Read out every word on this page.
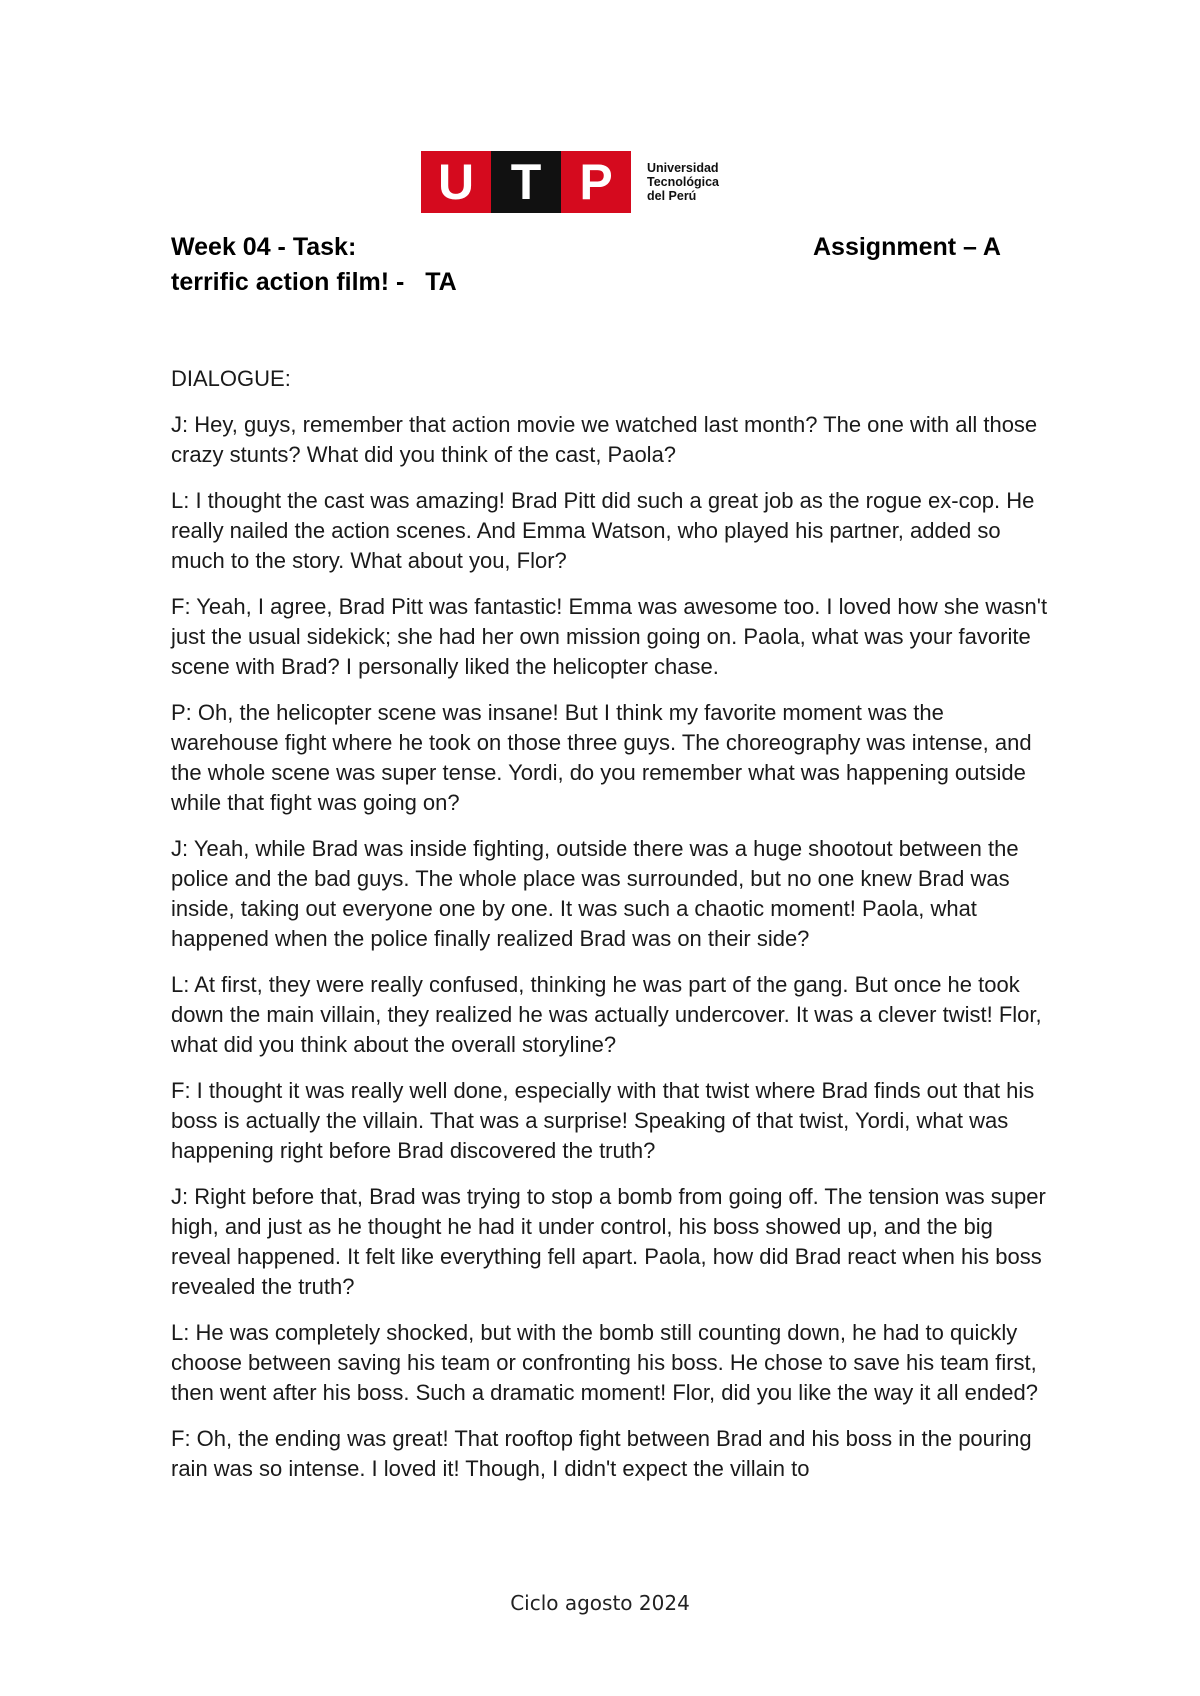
U T P	Universidad
Tecnológica
del Perú
Week 04 - Task:	Assignment – A
terrific action film! -   TA

DIALOGUE:

J: Hey, guys, remember that action movie we watched last month? The one with all those crazy stunts? What did you think of the cast, Paola?

L: I thought the cast was amazing! Brad Pitt did such a great job as the rogue ex-cop. He really nailed the action scenes. And Emma Watson, who played his partner, added so much to the story. What about you, Flor?

F: Yeah, I agree, Brad Pitt was fantastic! Emma was awesome too. I loved how she wasn't just the usual sidekick; she had her own mission going on. Paola, what was your favorite scene with Brad? I personally liked the helicopter chase.

P: Oh, the helicopter scene was insane! But I think my favorite moment was the warehouse fight where he took on those three guys. The choreography was intense, and the whole scene was super tense. Yordi, do you remember what was happening outside while that fight was going on?

J: Yeah, while Brad was inside fighting, outside there was a huge shootout between the police and the bad guys. The whole place was surrounded, but no one knew Brad was inside, taking out everyone one by one. It was such a chaotic moment! Paola, what happened when the police finally realized Brad was on their side?

L: At first, they were really confused, thinking he was part of the gang. But once he took down the main villain, they realized he was actually undercover. It was a clever twist! Flor, what did you think about the overall storyline?

F: I thought it was really well done, especially with that twist where Brad finds out that his boss is actually the villain. That was a surprise! Speaking of that twist, Yordi, what was happening right before Brad discovered the truth?

J: Right before that, Brad was trying to stop a bomb from going off. The tension was super high, and just as he thought he had it under control, his boss showed up, and the big reveal happened. It felt like everything fell apart. Paola, how did Brad react when his boss revealed the truth?

L: He was completely shocked, but with the bomb still counting down, he had to quickly choose between saving his team or confronting his boss. He chose to save his team first, then went after his boss. Such a dramatic moment! Flor, did you like the way it all ended?

F: Oh, the ending was great! That rooftop fight between Brad and his boss in the pouring rain was so intense. I loved it! Though, I didn't expect the villain to

Ciclo agosto 2024
